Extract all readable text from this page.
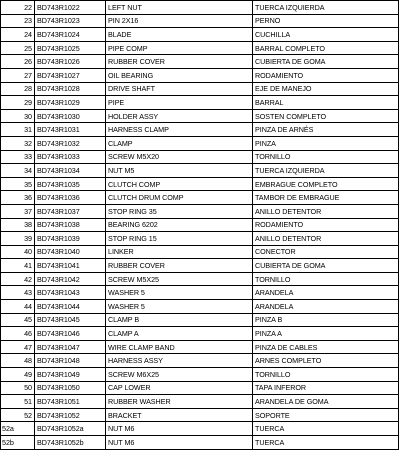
22	BD743R1022	LEFT NUT	TUERCA IZQUIERDA
23	BD743R1023	PIN 2X16	PERNO
24	BD743R1024	BLADE	CUCHILLA
25	BD743R1025	PIPE COMP	BARRAL COMPLETO
26	BD743R1026	RUBBER COVER	CUBIERTA DE GOMA
27	BD743R1027	OIL BEARING	RODAMIENTO
28	BD743R1028	DRIVE SHAFT	EJE DE MANEJO
29	BD743R1029	PIPE	BARRAL
30	BD743R1030	HOLDER ASSY	SOSTEN COMPLETO
31	BD743R1031	HARNESS CLAMP	PINZA DE ARNÉS
32	BD743R1032	CLAMP	PINZA
33	BD743R1033	SCREW M5X20	TORNILLO
34	BD743R1034	NUT M5	TUERCA IZQUIERDA
35	BD743R1035	CLUTCH COMP	EMBRAGUE COMPLETO
36	BD743R1036	CLUTCH DRUM COMP	TAMBOR DE EMBRAGUE
37	BD743R1037	STOP RING 35	ANILLO DETENTOR
38	BD743R1038	BEARING 6202	RODAMIENTO
39	BD743R1039	STOP RING 15	ANILLO DETENTOR
40	BD743R1040	LINKER	CONECTOR
41	BD743R1041	RUBBER COVER	CUBIERTA DE GOMA
42	BD743R1042	SCREW M5X25	TORNILLO
43	BD743R1043	WASHER 5	ARANDELA
44	BD743R1044	WASHER 5	ARANDELA
45	BD743R1045	CLAMP B	PINZA B
46	BD743R1046	CLAMP A	PINZA A
47	BD743R1047	WIRE CLAMP BAND	PINZA DE CABLES
48	BD743R1048	HARNESS ASSY	ARNES COMPLETO
49	BD743R1049	SCREW M6X25	TORNILLO
50	BD743R1050	CAP LOWER	TAPA INFEROR
51	BD743R1051	RUBBER WASHER	ARANDELA DE GOMA
52	BD743R1052	BRACKET	SOPORTE
52a	BD743R1052a	NUT M6	TUERCA
52b	BD743R1052b	NUT M6	TUERCA
